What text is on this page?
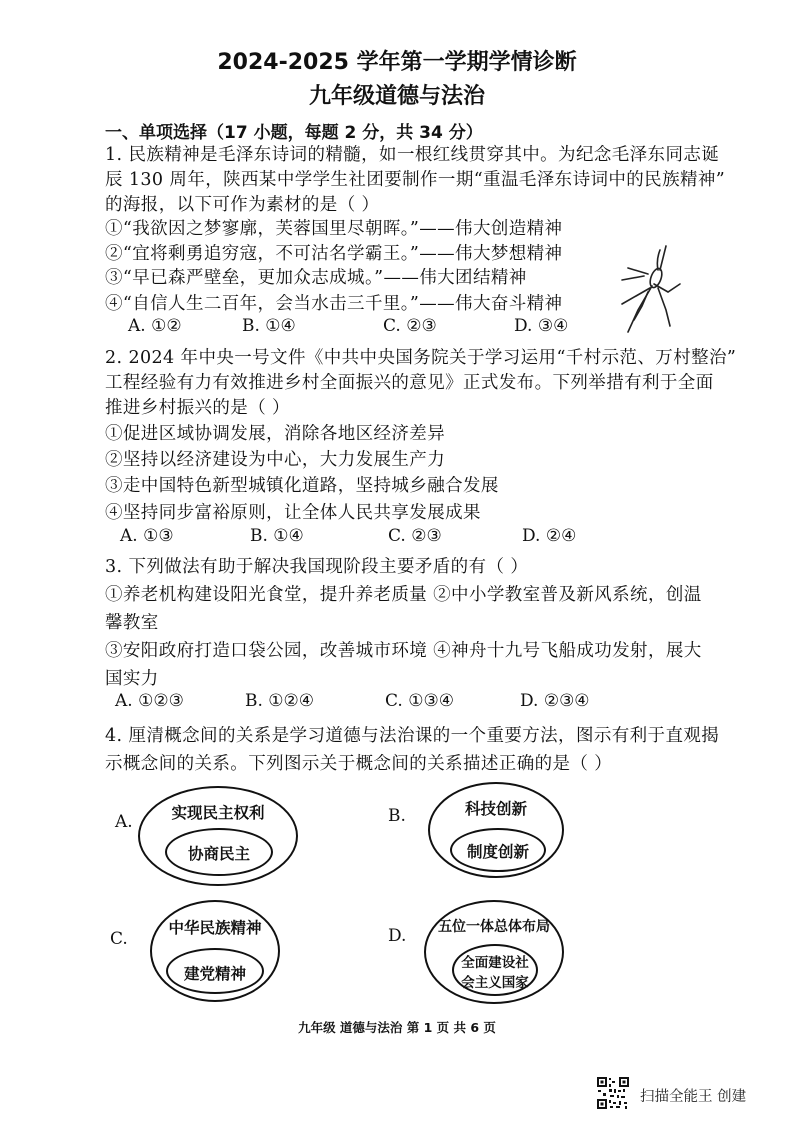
2024-2025 学年第一学期学情诊断
九年级道德与法治
一、单项选择（17 小题，每题 2 分，共 34 分）
1. 民族精神是毛泽东诗词的精髓，如一根红线贯穿其中。为纪念毛泽东同志诞
辰 130 周年，陕西某中学学生社团要制作一期“重温毛泽东诗词中的民族精神”
的海报，以下可作为素材的是（ ）
①“我欲因之梦寥廓，芙蓉国里尽朝晖。”——伟大创造精神
②“宜将剩勇追穷寇，不可沽名学霸王。”——伟大梦想精神
③“早已森严壁垒，更加众志成城。”——伟大团结精神
④“自信人生二百年，会当水击三千里。”——伟大奋斗精神
A. ①②	B. ①④	C. ②③	D. ③④
2. 2024 年中央一号文件《中共中央国务院关于学习运用“千村示范、万村整治”
工程经验有力有效推进乡村全面振兴的意见》正式发布。下列举措有利于全面
推进乡村振兴的是（ ）
①促进区域协调发展，消除各地区经济差异
②坚持以经济建设为中心，大力发展生产力
③走中国特色新型城镇化道路，坚持城乡融合发展
④坚持同步富裕原则，让全体人民共享发展成果
A. ①③	B. ①④	C. ②③	D. ②④
3. 下列做法有助于解决我国现阶段主要矛盾的有（ ）
①养老机构建设阳光食堂，提升养老质量 ②中小学教室普及新风系统，创温
馨教室
③安阳政府打造口袋公园，改善城市环境 ④神舟十九号飞船成功发射，展大
国实力
A. ①②③	B. ①②④	C. ①③④	D. ②③④
4. 厘清概念间的关系是学习道德与法治课的一个重要方法，图示有利于直观揭
示概念间的关系。下列图示关于概念间的关系描述正确的是（ ）
A.	实现民主权利
协商民主
B.	科技创新
制度创新
C.
中华民族精神
建党精神
D.	五位一体总体布局
全面建设社
会主义国家
九年级 道德与法治 第 1 页 共 6 页
扫描全能王 创建
